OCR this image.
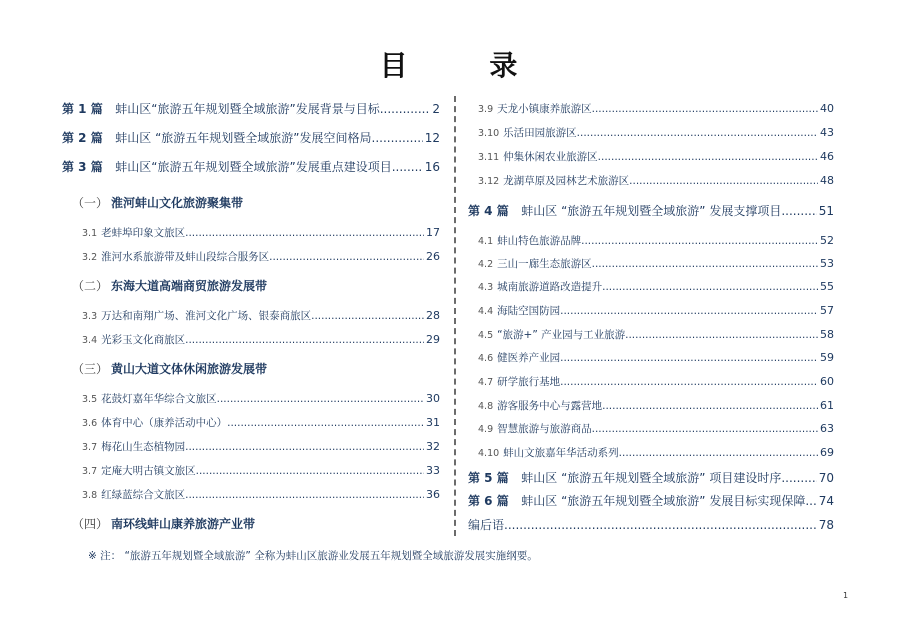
目 录
第 1 篇 蚌山区“旅游五年规划暨全域旅游”发展背景与目标 .....	2
第 2 篇 蚌山区 “旅游五年规划暨全域旅游”发展空间格局 .....	12
第 3 篇 蚌山区“旅游五年规划暨全域旅游”发展重点建设项目 .....	16
（一） 淮河蚌山文化旅游聚集带
3.1 老蚌埠印象文旅区 .....	17
3.2 淮河水系旅游带及蚌山段综合服务区 .....	26
（二） 东海大道高端商贸旅游发展带
3.3 万达和南翔广场、淮河文化广场、银泰商旅区 .....	28
3.4 光彩玉文化商旅区 .....	29
（三） 黄山大道文体休闲旅游发展带
3.5 花鼓灯嘉年华综合文旅区 .....	30
3.6 体育中心（康养活动中心） .....	31
3.7 梅花山生态植物园 .....	32
3.7 定庵大明古镇文旅区 .....	33
3.8 红绿蓝综合文旅区 .....	36
（四） 南环线蚌山康养旅游产业带
3.9 天龙小镇康养旅游区 .....	40
3.10 乐活田园旅游区 .....	43
3.11 仲集休闲农业旅游区 .....	46
3.12 龙湖草原及园林艺术旅游区 .....	48
第 4 篇 蚌山区 “旅游五年规划暨全域旅游” 发展支撑项目 .....	51
4.1 蚌山特色旅游品牌 .....	52
4.2 三山一廊生态旅游区 .....	53
4.3 城南旅游道路改造提升 .....	55
4.4 海陆空国防园 .....	57
4.5 “旅游+” 产业园与工业旅游 .....	58
4.6 健医养产业园 .....	59
4.7 研学旅行基地 .....	60
4.8 游客服务中心与露营地 .....	61
4.9 智慧旅游与旅游商品 .....	63
4.10 蚌山文旅嘉年华活动系列 .....	69
第 5 篇 蚌山区 “旅游五年规划暨全域旅游” 项目建设时序 .....	70
第 6 篇 蚌山区 “旅游五年规划暨全域旅游” 发展目标实现保障 ..... 74
编后语 .....	78
※ 注： “旅游五年规划暨全域旅游” 全称为蚌山区旅游业发展五年规划暨全域旅游发展实施纲要。
1
